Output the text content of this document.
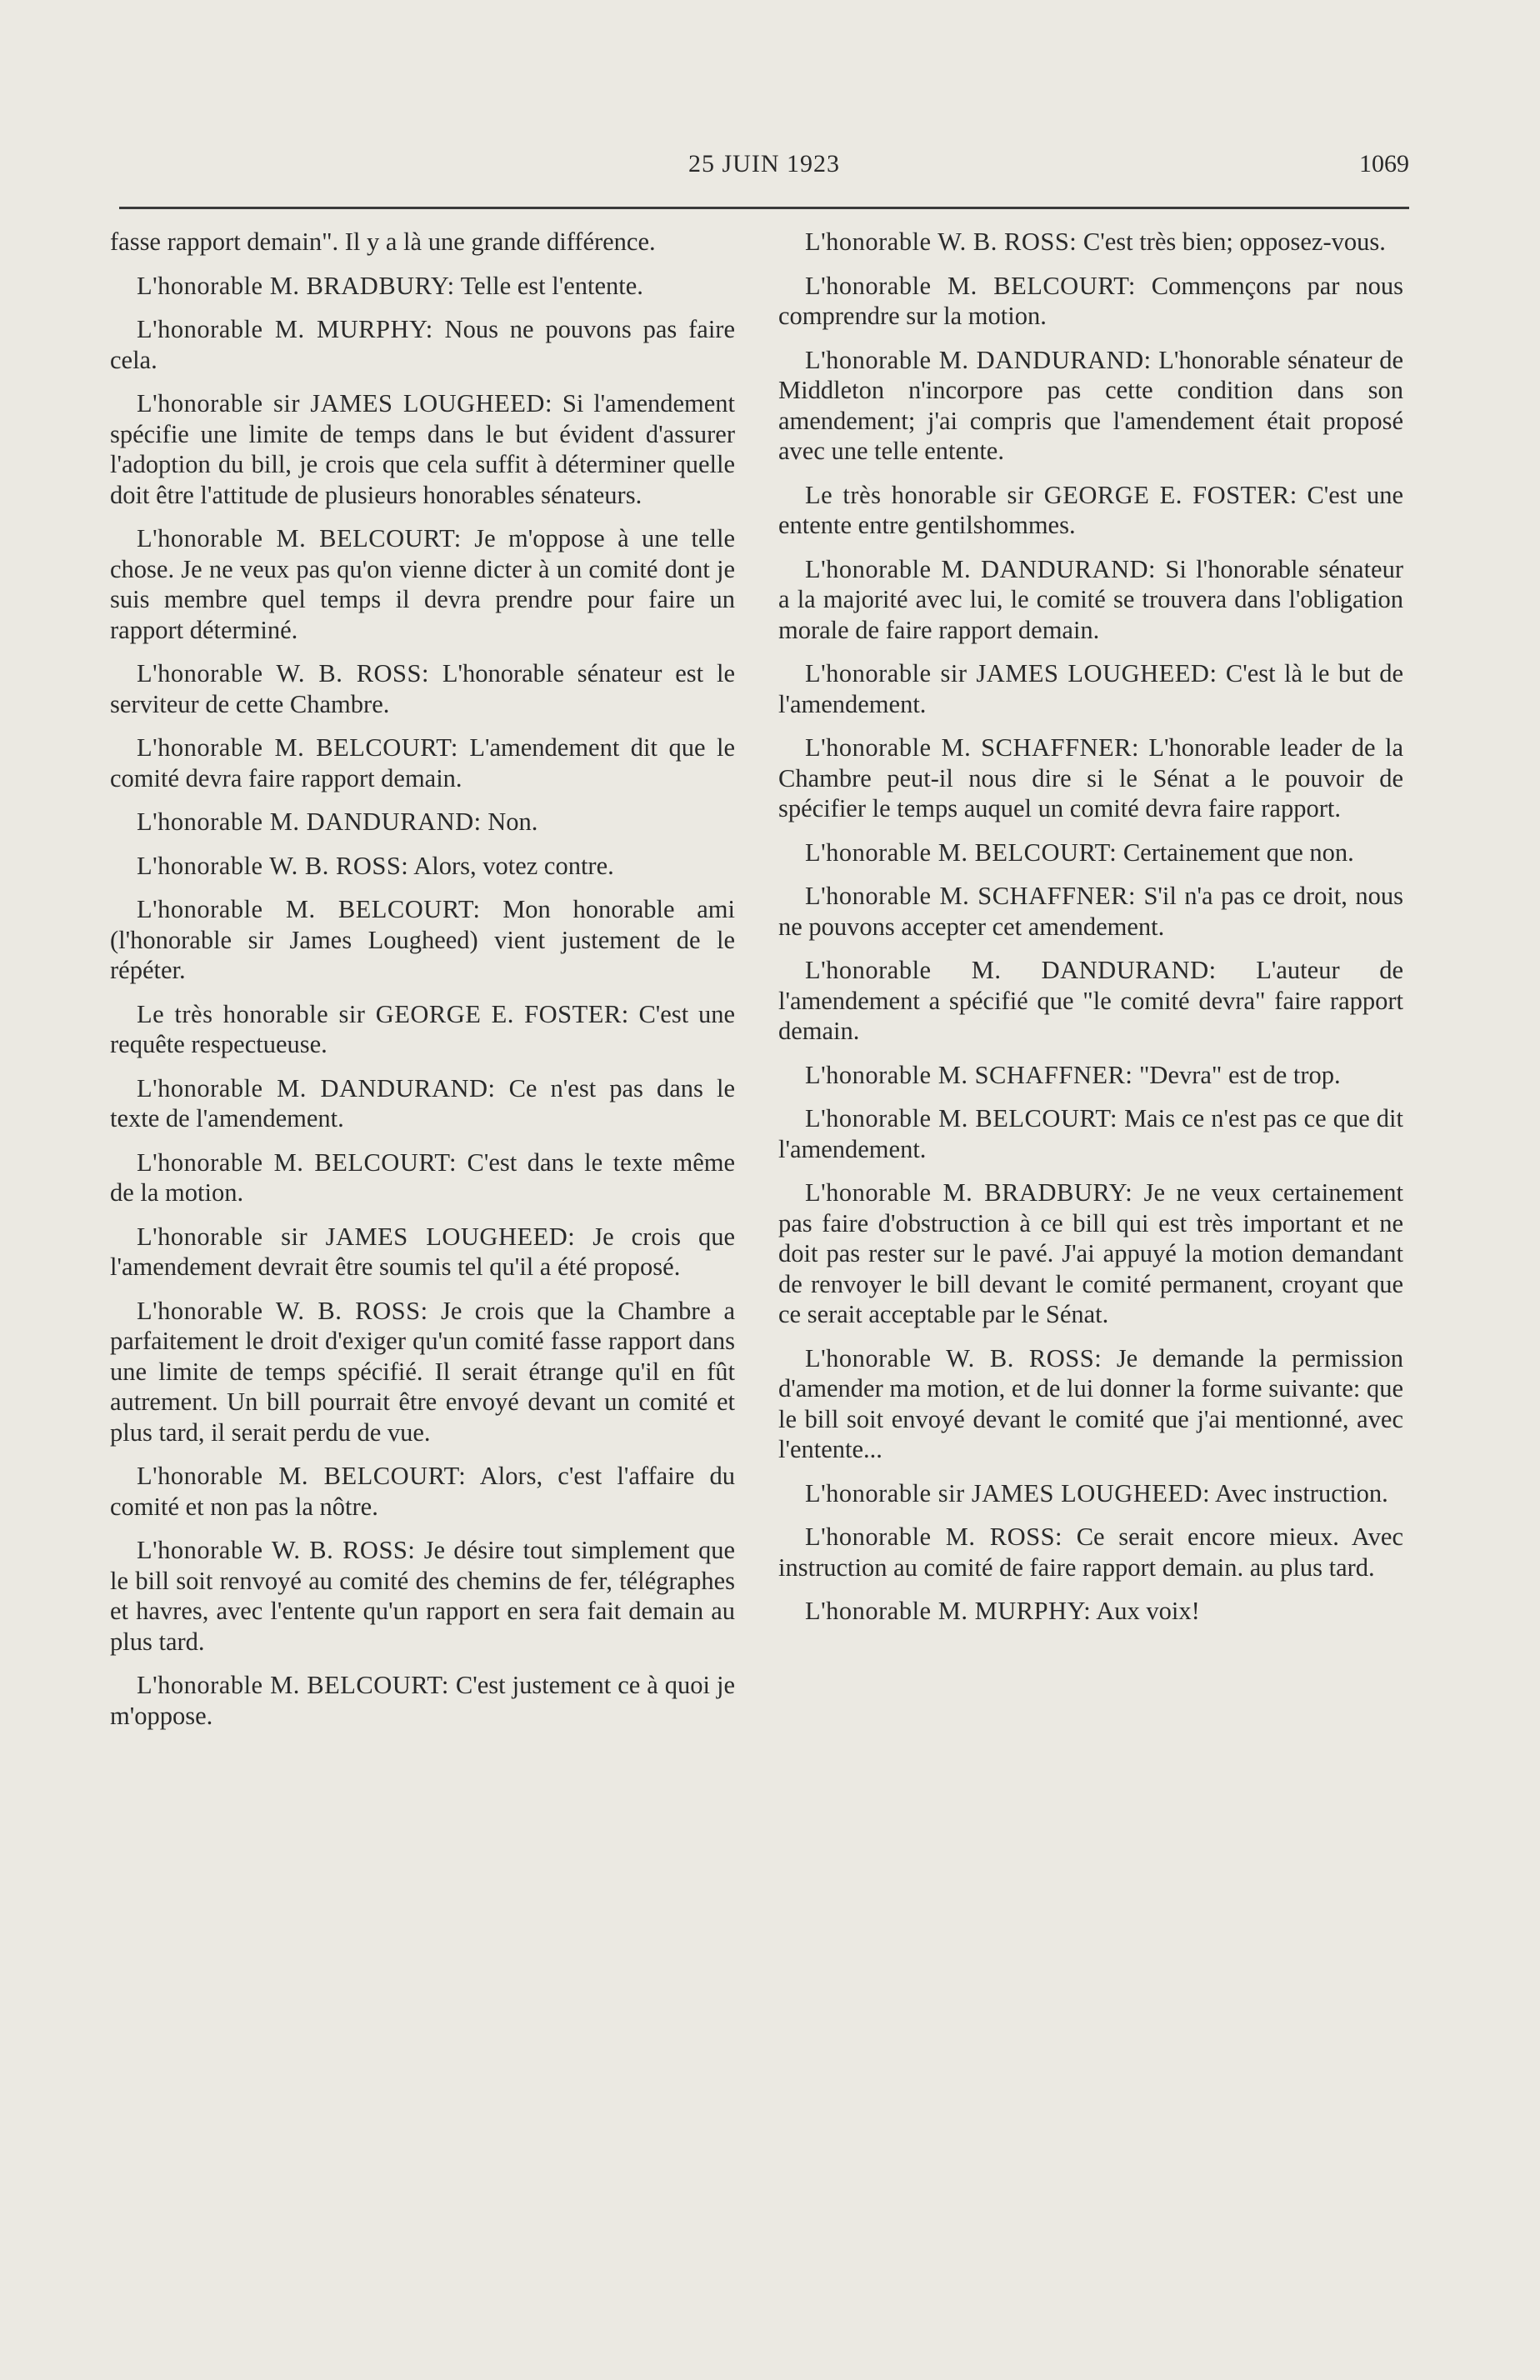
25 JUIN 1923	1069

fasse rapport demain". Il y a là une grande différence.

L'honorable M. BRADBURY: Telle est l'entente.

L'honorable M. MURPHY: Nous ne pouvons pas faire cela.

L'honorable sir JAMES LOUGHEED: Si l'amendement spécifie une limite de temps dans le but évident d'assurer l'adoption du bill, je crois que cela suffit à déterminer quelle doit être l'attitude de plusieurs honorables sénateurs.

L'honorable M. BELCOURT: Je m'oppose à une telle chose. Je ne veux pas qu'on vienne dicter à un comité dont je suis membre quel temps il devra prendre pour faire un rapport déterminé.

L'honorable W. B. ROSS: L'honorable sénateur est le serviteur de cette Chambre.

L'honorable M. BELCOURT: L'amendement dit que le comité devra faire rapport demain.

L'honorable M. DANDURAND: Non.

L'honorable W. B. ROSS: Alors, votez contre.

L'honorable M. BELCOURT: Mon honorable ami (l'honorable sir James Lougheed) vient justement de le répéter.

Le très honorable sir GEORGE E. FOSTER: C'est une requête respectueuse.

L'honorable M. DANDURAND: Ce n'est pas dans le texte de l'amendement.

L'honorable M. BELCOURT: C'est dans le texte même de la motion.

L'honorable sir JAMES LOUGHEED: Je crois que l'amendement devrait être soumis tel qu'il a été proposé.

L'honorable W. B. ROSS: Je crois que la Chambre a parfaitement le droit d'exiger qu'un comité fasse rapport dans une limite de temps spécifié. Il serait étrange qu'il en fût autrement. Un bill pourrait être envoyé devant un comité et plus tard, il serait perdu de vue.

L'honorable M. BELCOURT: Alors, c'est l'affaire du comité et non pas la nôtre.

L'honorable W. B. ROSS: Je désire tout simplement que le bill soit renvoyé au comité des chemins de fer, télégraphes et havres, avec l'entente qu'un rapport en sera fait demain au plus tard.

L'honorable M. BELCOURT: C'est justement ce à quoi je m'oppose.

L'honorable W. B. ROSS: C'est très bien; opposez-vous.

L'honorable M. BELCOURT: Commençons par nous comprendre sur la motion.

L'honorable M. DANDURAND: L'honorable sénateur de Middleton n'incorpore pas cette condition dans son amendement; j'ai compris que l'amendement était proposé avec une telle entente.

Le très honorable sir GEORGE E. FOSTER: C'est une entente entre gentilshommes.

L'honorable M. DANDURAND: Si l'honorable sénateur a la majorité avec lui, le comité se trouvera dans l'obligation morale de faire rapport demain.

L'honorable sir JAMES LOUGHEED: C'est là le but de l'amendement.

L'honorable M. SCHAFFNER: L'honorable leader de la Chambre peut-il nous dire si le Sénat a le pouvoir de spécifier le temps auquel un comité devra faire rapport.

L'honorable M. BELCOURT: Certainement que non.

L'honorable M. SCHAFFNER: S'il n'a pas ce droit, nous ne pouvons accepter cet amendement.

L'honorable M. DANDURAND: L'auteur de l'amendement a spécifié que "le comité devra" faire rapport demain.

L'honorable M. SCHAFFNER: "Devra" est de trop.

L'honorable M. BELCOURT: Mais ce n'est pas ce que dit l'amendement.

L'honorable M. BRADBURY: Je ne veux certainement pas faire d'obstruction à ce bill qui est très important et ne doit pas rester sur le pavé. J'ai appuyé la motion demandant de renvoyer le bill devant le comité permanent, croyant que ce serait acceptable par le Sénat.

L'honorable W. B. ROSS: Je demande la permission d'amender ma motion, et de lui donner la forme suivante: que le bill soit envoyé devant le comité que j'ai mentionné, avec l'entente...

L'honorable sir JAMES LOUGHEED: Avec instruction.

L'honorable M. ROSS: Ce serait encore mieux. Avec instruction au comité de faire rapport demain. au plus tard.

L'honorable M. MURPHY: Aux voix!
